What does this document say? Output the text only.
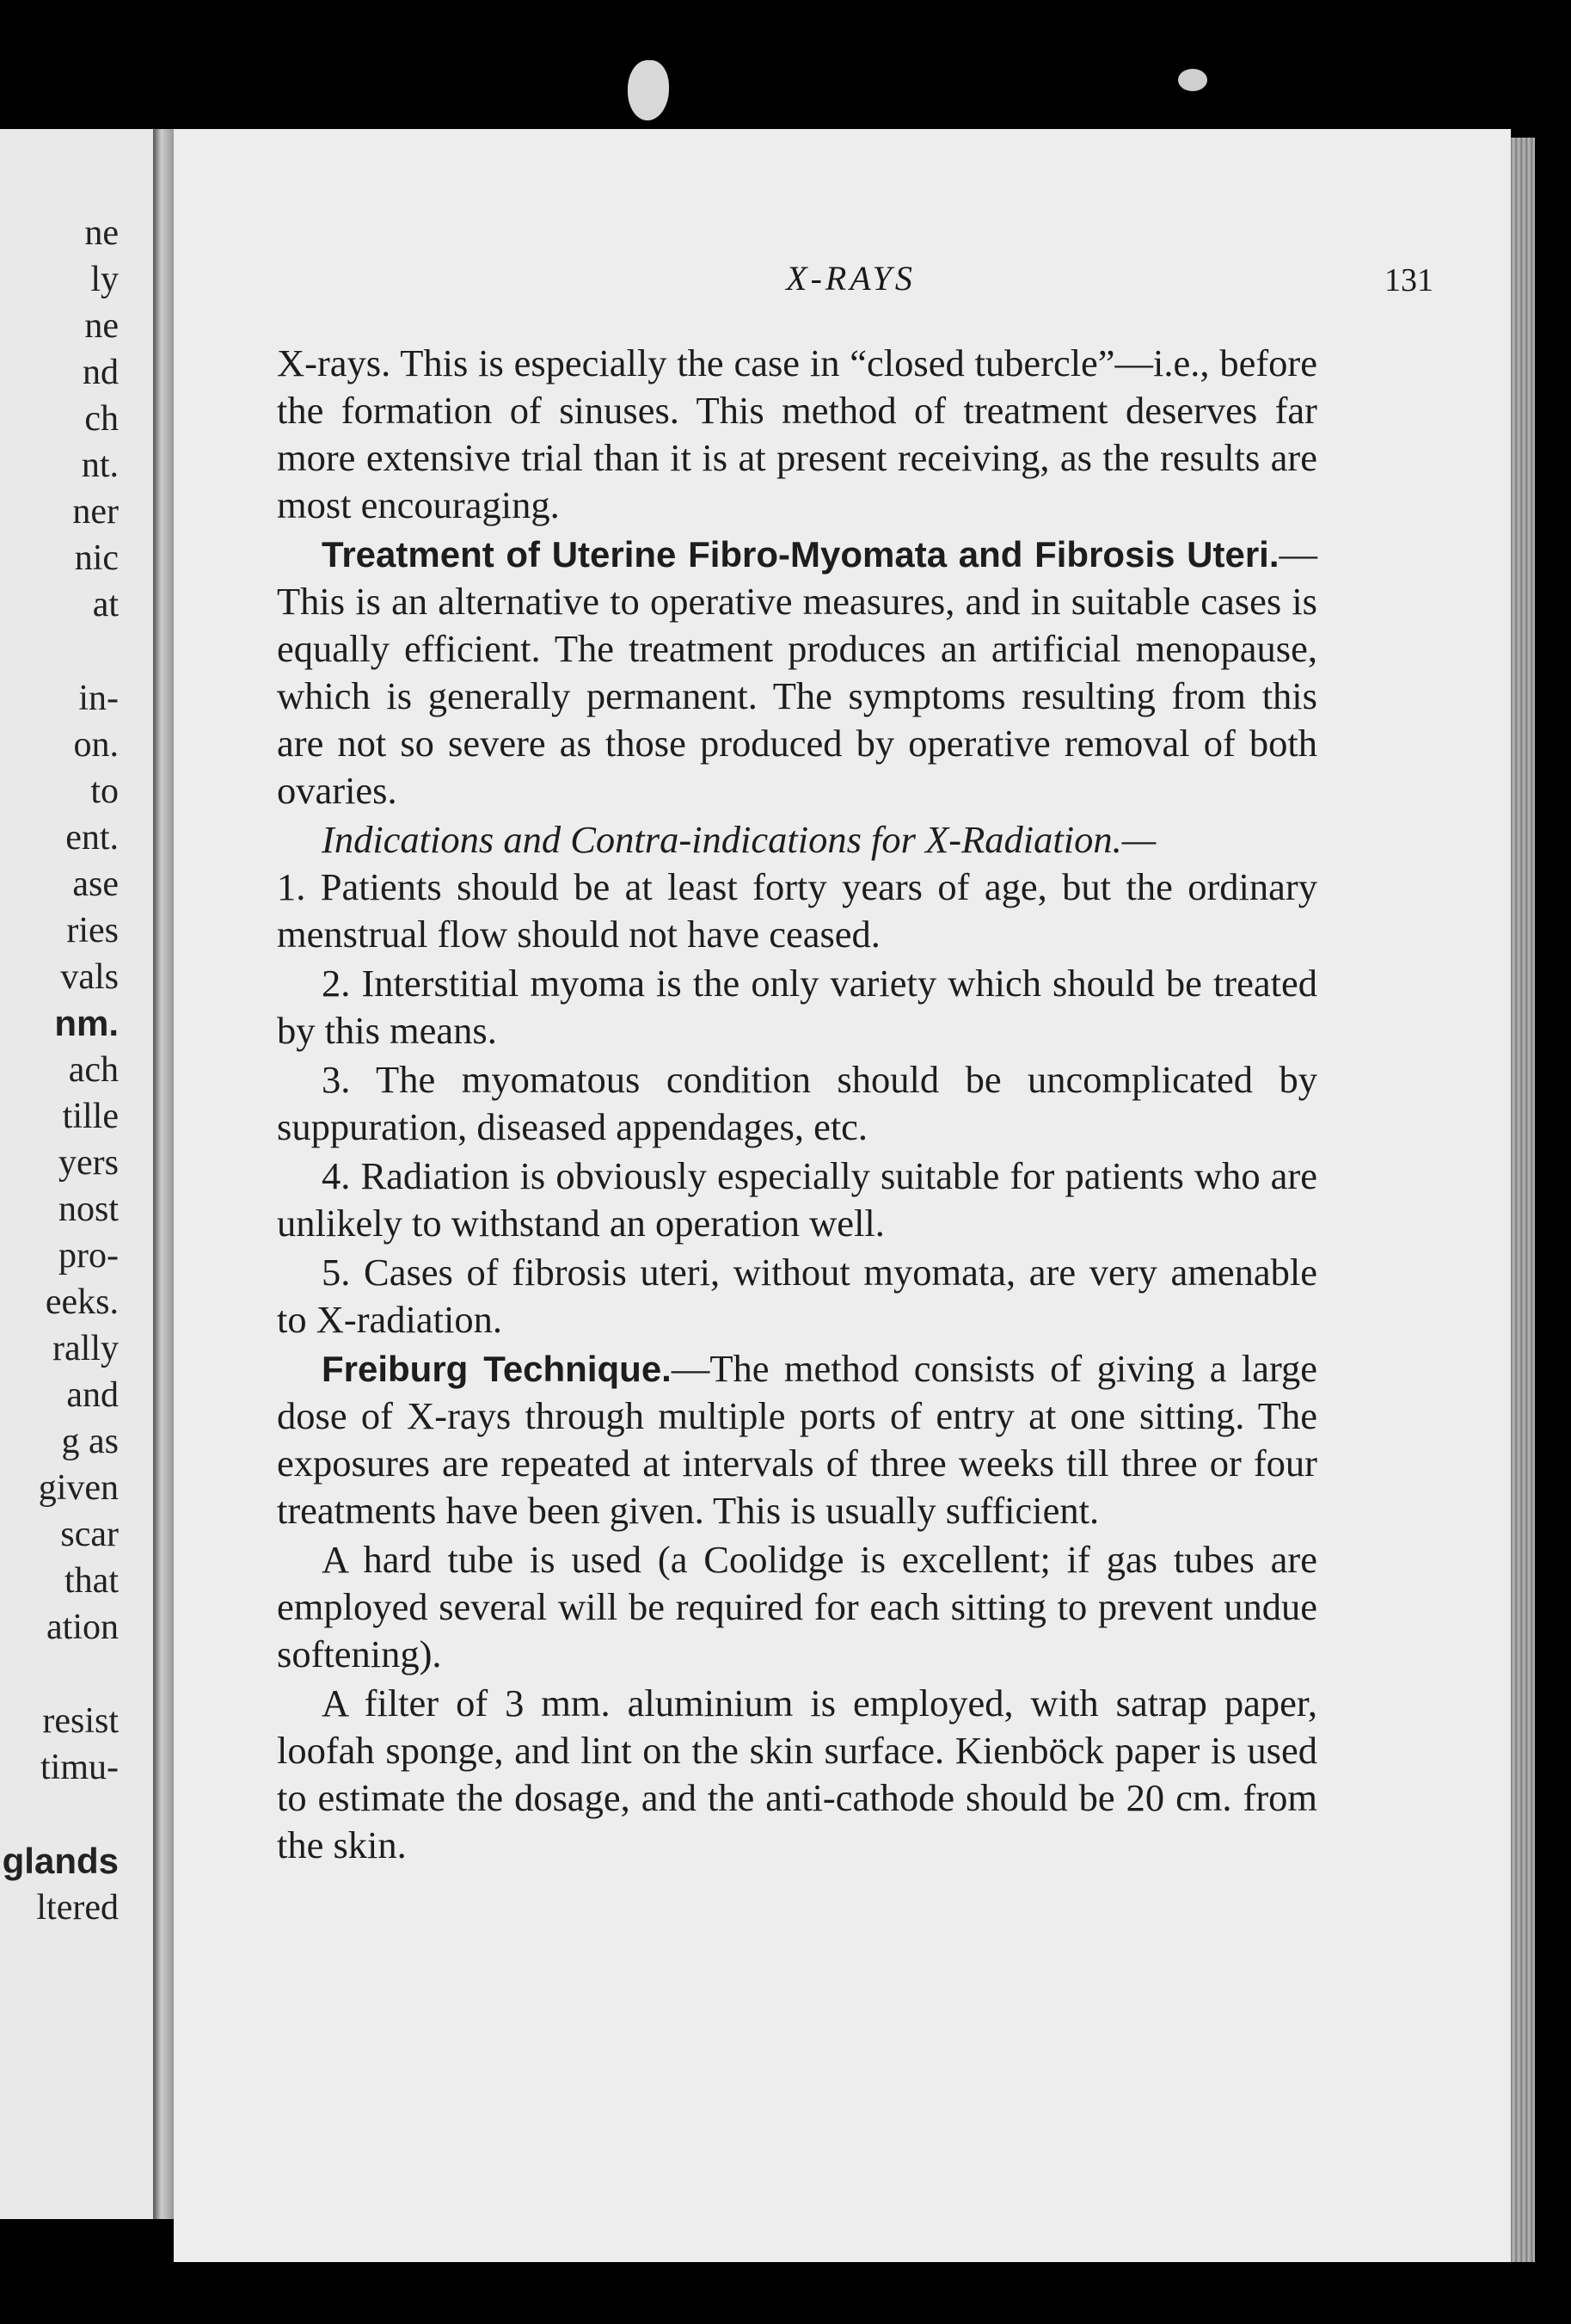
ne
ly
ne
nd
ch
nt.
ner
nic
at
in-
on.
to
ent.
ase
ries
vals
nm.
ach
tille
yers
nost
pro-
eeks.
rally
and
g as
given
scar
that
ation
resist
timu-
glands
ltered
X-RAYS	131

X-rays. This is especially the case in “closed tubercle”—i.e., before the formation of sinuses. This method of treatment deserves far more extensive trial than it is at present receiving, as the results are most encouraging.

Treatment of Uterine Fibro-Myomata and Fibrosis Uteri.—This is an alternative to operative measures, and in suitable cases is equally efficient. The treatment produces an artificial menopause, which is generally permanent. The symptoms resulting from this are not so severe as those produced by operative removal of both ovaries.

Indications and Contra-indications for X-Radiation.—
1. Patients should be at least forty years of age, but the ordinary menstrual flow should not have ceased.

2. Interstitial myoma is the only variety which should be treated by this means.

3. The myomatous condition should be uncomplicated by suppuration, diseased appendages, etc.

4. Radiation is obviously especially suitable for patients who are unlikely to withstand an operation well.

5. Cases of fibrosis uteri, without myomata, are very amenable to X-radiation.

Freiburg Technique.—The method consists of giving a large dose of X-rays through multiple ports of entry at one sitting. The exposures are repeated at intervals of three weeks till three or four treatments have been given. This is usually sufficient.

A hard tube is used (a Coolidge is excellent; if gas tubes are employed several will be required for each sitting to prevent undue softening).

A filter of 3 mm. aluminium is employed, with satrap paper, loofah sponge, and lint on the skin surface. Kienböck paper is used to estimate the dosage, and the anti-cathode should be 20 cm. from the skin.
